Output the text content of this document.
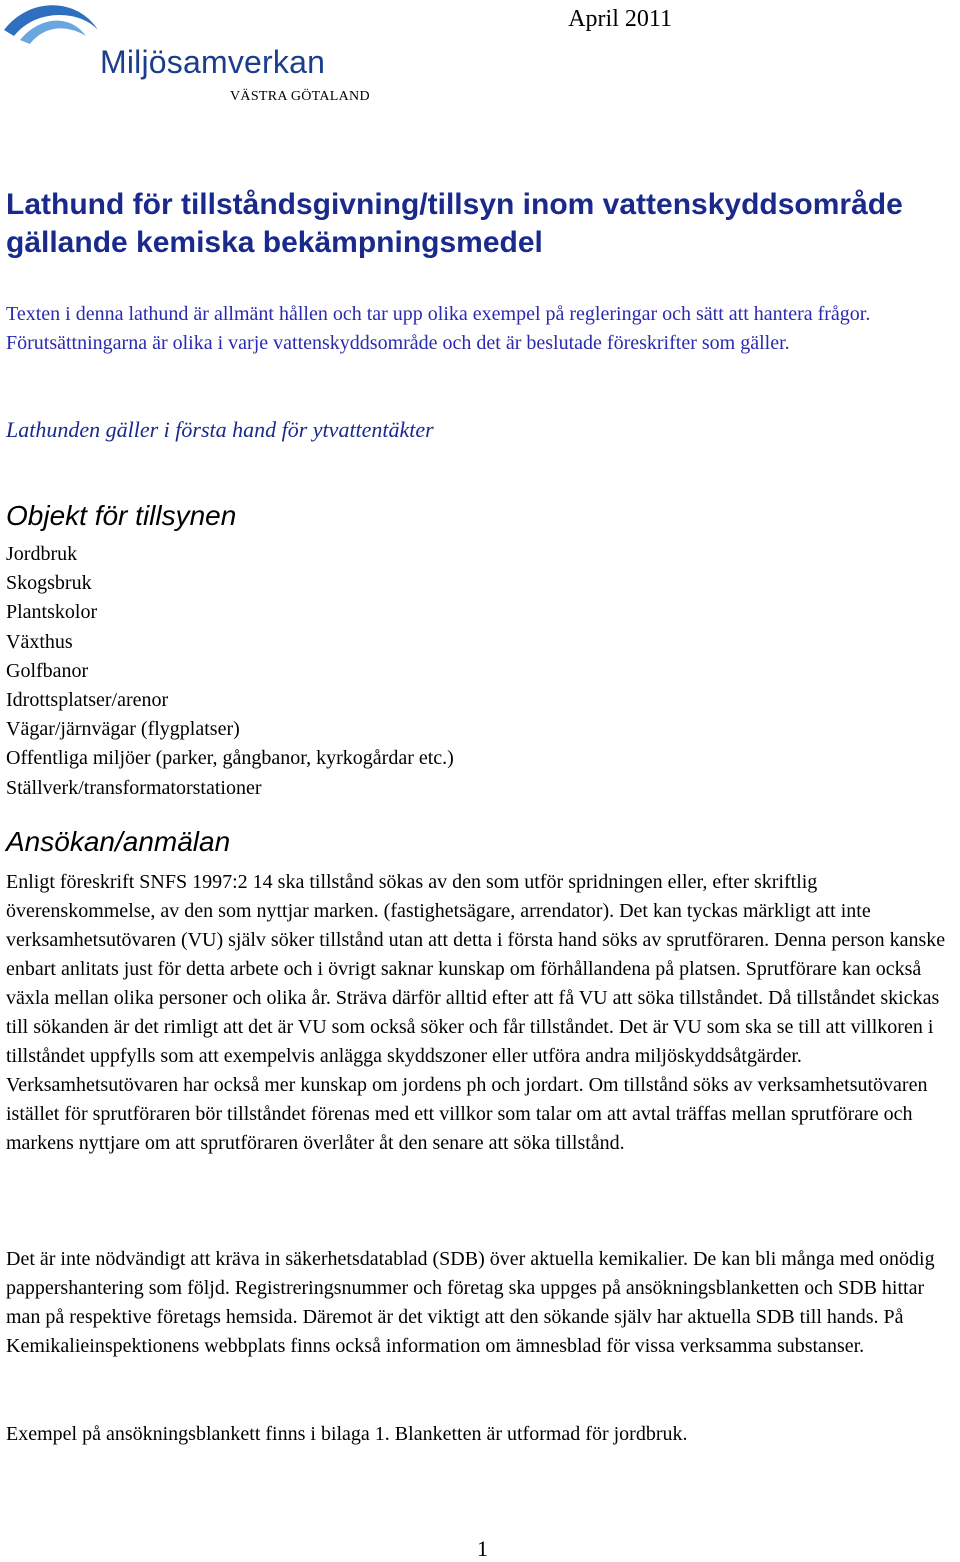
April 2011
Miljösamverkan
VÄSTRA GÖTALAND
Lathund för tillståndsgivning/tillsyn inom vattenskyddsområde gällande kemiska bekämpningsmedel
Texten i denna lathund är allmänt hållen och tar upp olika exempel på regleringar och sätt att hantera frågor. Förutsättningarna är olika i varje vattenskyddsområde och det är beslutade föreskrifter som gäller.
Lathunden gäller i första hand för ytvattentäkter
Objekt för tillsynen
Jordbruk
Skogsbruk
Plantskolor
Växthus
Golfbanor
Idrottsplatser/arenor
Vägar/järnvägar (flygplatser)
Offentliga miljöer (parker, gångbanor, kyrkogårdar etc.)
Ställverk/transformatorstationer
Ansökan/anmälan
Enligt föreskrift SNFS 1997:2 14 ska tillstånd sökas av den som utför spridningen eller, efter skriftlig överenskommelse, av den som nyttjar marken. (fastighetsägare, arrendator). Det kan tyckas märkligt att inte verksamhetsutövaren (VU) själv söker tillstånd utan att detta i första hand söks av sprutföraren. Denna person kanske enbart anlitats just för detta arbete och i övrigt saknar kunskap om förhållandena på platsen. Sprutförare kan också växla mellan olika personer och olika år. Sträva därför alltid efter att få VU att söka tillståndet. Då tillståndet skickas till sökanden är det rimligt att det är VU som också söker och får tillståndet. Det är VU som ska se till att villkoren i tillståndet uppfylls som att exempelvis anlägga skyddszoner eller utföra andra miljöskyddsåtgärder. Verksamhetsutövaren har också mer kunskap om jordens ph och jordart. Om tillstånd söks av verksamhetsutövaren istället för sprutföraren bör tillståndet förenas med ett villkor som talar om att avtal träffas mellan sprutförare och markens nyttjare om att sprutföraren överlåter åt den senare att söka tillstånd.
Det är inte nödvändigt att kräva in säkerhetsdatablad (SDB) över aktuella kemikalier. De kan bli många med onödig pappershantering som följd. Registreringsnummer och företag ska uppges på ansökningsblanketten och SDB hittar man på respektive företags hemsida. Däremot är det viktigt att den sökande själv har aktuella SDB till hands. På Kemikalieinspektionens webbplats finns också information om ämnesblad för vissa verksamma substanser.
Exempel på ansökningsblankett finns i bilaga 1. Blanketten är utformad för jordbruk.
1
